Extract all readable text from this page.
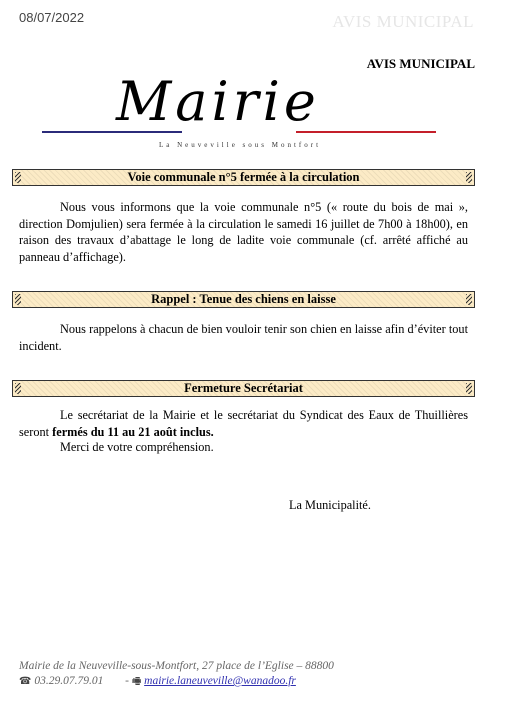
08/07/2022	AVIS MUNICIPAL
AVIS MUNICIPAL
Mairie
La Neuveville sous Montfort
Voie communale n°5 fermée à la circulation
Nous vous informons que la voie communale n°5 (« route du bois de mai », direction Domjulien) sera fermée à la circulation le samedi 16 juillet de 7h00 à 18h00), en raison des travaux d’abattage le long de ladite voie communale (cf. arrêté affiché au panneau d’affichage).
Rappel : Tenue des chiens en laisse
Nous rappelons à chacun de bien vouloir tenir son chien en laisse afin d’éviter tout incident.
Fermeture Secrétariat
Le secrétariat de la Mairie et le secrétariat du Syndicat des Eaux de Thuillières seront fermés du 11 au 21 août inclus.
Merci de votre compréhension.
La Municipalité.
Mairie de la Neuveville-sous-Montfort, 27 place de l’Eglise – 88800
☎ 03.29.07.79.01 - 🖷 mairie.laneuveville@wanadoo.fr
